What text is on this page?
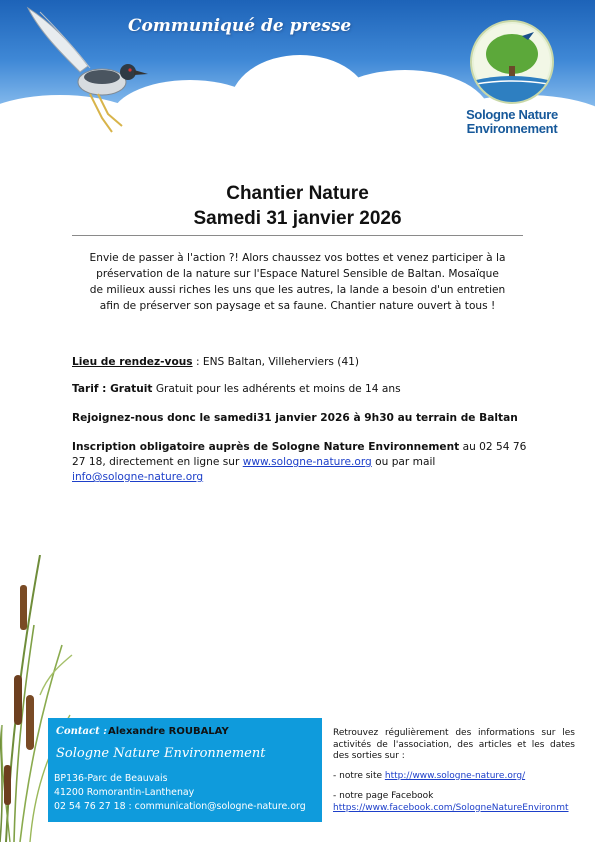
Communiqué de presse
Sologne Nature
Environnement
Chantier Nature
Samedi 31 janvier 2026
Envie de passer à l'action ?! Alors chaussez vos bottes et venez participer à la
préservation de la nature sur l'Espace Naturel Sensible de Baltan. Mosaïque
de milieux aussi riches les uns que les autres, la lande a besoin d'un entretien
afin de préserver son paysage et sa faune. Chantier nature ouvert à tous !
Lieu de rendez-vous : ENS Baltan, Villeherviers (41)
Tarif : Gratuit Gratuit pour les adhérents et moins de 14 ans
Rejoignez-nous donc le samedi31 janvier 2026 à 9h30 au terrain de Baltan
Inscription obligatoire auprès de Sologne Nature Environnement au 02 54 76
27 18, directement en ligne sur www.sologne-nature.org ou par mail
info@sologne-nature.org
Contact : Alexandre ROUBALAY
Sologne Nature Environnement
BP136-Parc de Beauvais
41200 Romorantin-Lanthenay
02 54 76 27 18 : communication@sologne-nature.org

Retrouvez régulièrement des informations sur les activités de l'association, des articles et les dates des sorties sur :

- notre site http://www.sologne-nature.org/

- notre page Facebook

https://www.facebook.com/SologneNatureEnvironmt
